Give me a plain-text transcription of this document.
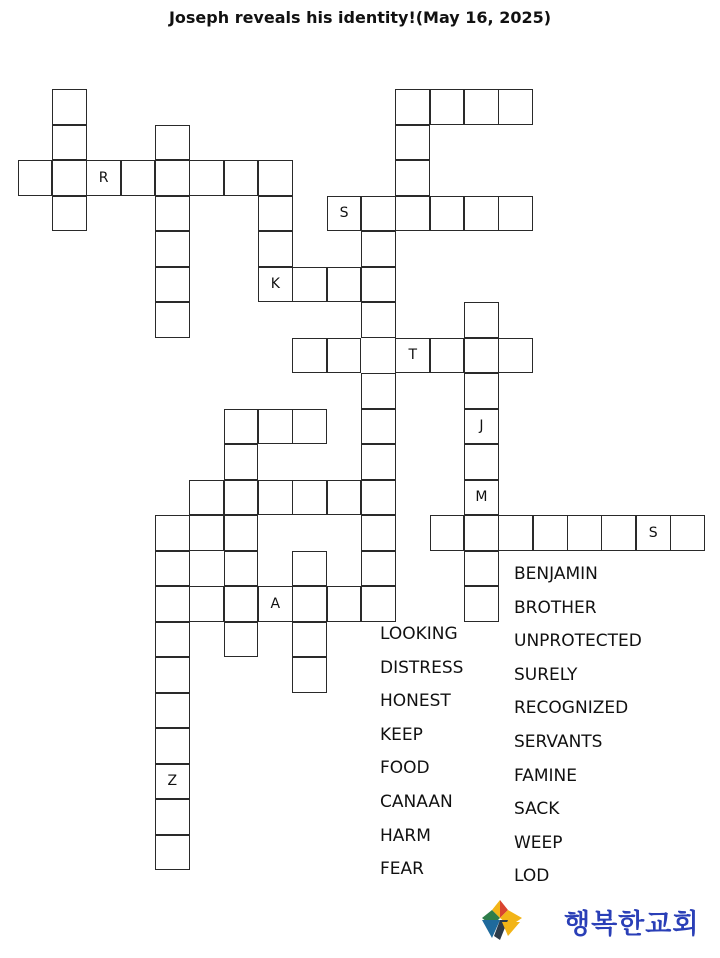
Joseph reveals his identity!(May 16, 2025)
R
K
S
T
J
M
A
Z
S
LOOKING
DISTRESS
HONEST
KEEP
FOOD
CANAAN
HARM
FEAR
BENJAMIN
BROTHER
UNPROTECTED
SURELY
RECOGNIZED
SERVANTS
FAMINE
SACK
WEEP
LOD
행복한교회
